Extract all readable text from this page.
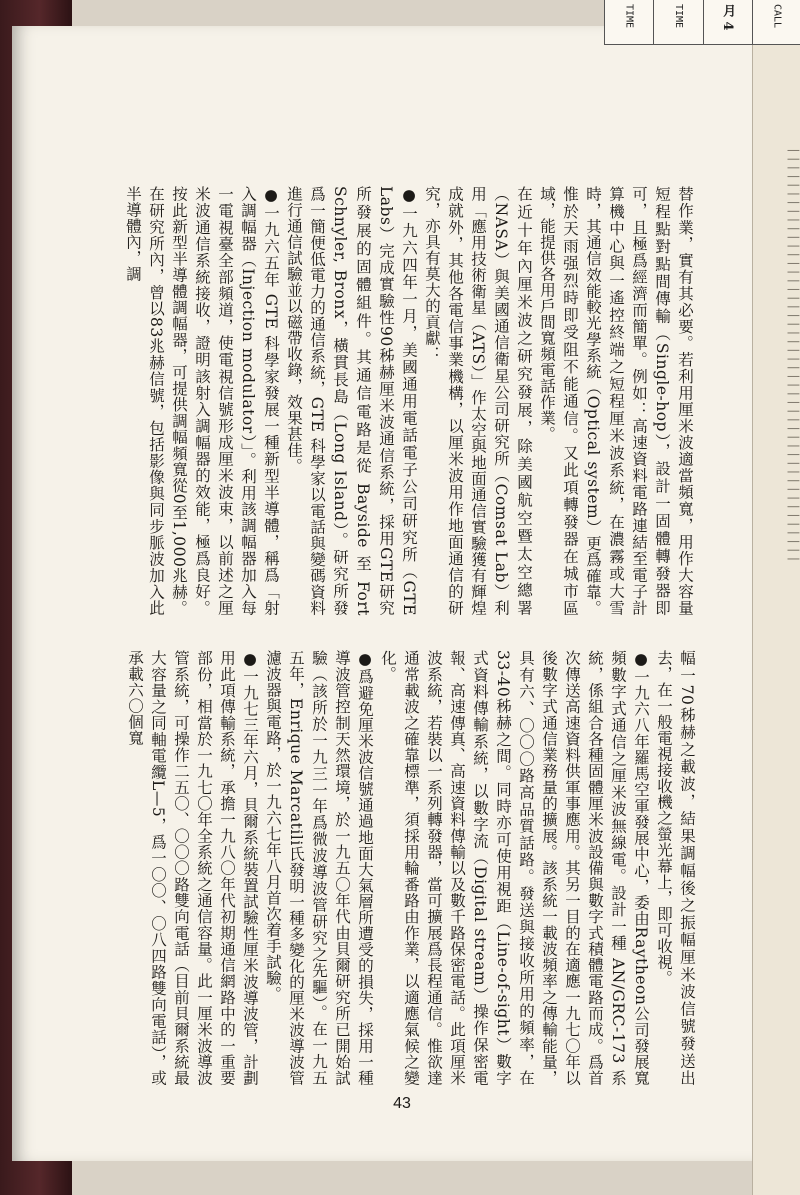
▏▏▏▏▏▏▏▏▏▏▏▏▏▏▏▏▏▏▏▏▏▏▏▏▏▏▏▏▏▏▏▏▏▏▏▏▏▏▏▏▏▏▏▏▏▏▏▏
TIME	TIME	月 4	CALL

替作業，實有其必要。若利用厘米波適當頻寬，用作大容量短程點對點間傳輸（Single-hop），設計一固體轉發器即可，且極爲經濟而簡單。例如：高速資料電路連結至電子計算機中心與一遙控終端之短程厘米波系統，在濃霧或大雪時，其通信效能較光學系統（Optical system）更爲確靠。惟於天雨强烈時即受阻不能通信。又此項轉發器在城市區域，能提供各用戶間寬頻電話作業。

在近十年內厘米波之研究發展，除美國航空暨太空總署（NASA）與美國通信衛星公司研究所（Comsat Lab）利用「應用技術衛星（ATS）」作太空與地面通信實驗獲有輝煌成就外，其他各電信事業機構，以厘米波用作地面通信的研究，亦具有莫大的貢獻：

●一九六四年一月，美國通用電話電子公司研究所（GTE Labs）完成實驗性90秭赫厘米波通信系統，採用GTE研究所發展的固體組件。其通信電路是從 Bayside 至 Fort Schnyler, Bronx，橫貫長島（Long Island）。研究所發爲一簡便低電力的通信系統，GTE 科學家以電話與變碼資料進行通信試驗並以磁帶收錄，效果甚佳。

●一九六五年 GTE 科學家發展一種新型半導體，稱爲「射入調幅器（Injection modulator）」。利用該調幅器加入每一電視臺全部頻道，使電視信號形成厘米波束，以前述之厘米波通信系統接收，證明該射入調幅器的效能，極爲良好。按此新型半導體調幅器，可提供調幅頻寬從0至1,000兆赫。在研究所內，曾以83兆赫信號，包括影像與同步脈波加入此半導體內，調

幅一70秭赫之載波，結果調幅後之振幅厘米波信號發送出去，在一般電視接收機之螢光幕上，即可收視。

●一九六八年羅馬空軍發展中心，委由Raytheon公司發展寬頻數字式通信之厘米波無線電。設計一種 AN/GRC-173 系統，係組合各種固體厘米波設備與數字式積體電路而成。爲首次傳送高速資料供軍事應用。其另一目的在適應一九七〇年以後數字式通信業務量的擴展。該系統一載波頻率之傳輸能量，具有六、〇〇〇路高品質話路。發送與接收所用的頻率，在33-40秭赫之間。同時亦可使用視距（Line-of-sight）數字式資料傳輸系統，以數字流（Digital stream）操作保密電報、高速傳真、高速資料傳輸以及數千路保密電話。此項厘米波系統，若裝以一系列轉發器，當可擴展爲長程通信。惟欲達通常載波之確靠標準，須採用輪番路由作業，以適應氣候之變化。

●爲避免厘米波信號通過地面大氣層所遭受的損失，採用一種導波管控制天然環境，於一九五〇年代由貝爾研究所已開始試驗（該所於一九三一年爲微波導波管研究之先驅）。在一九五五年，Enrique Marcatili氏發明一種多變化的厘米波導波管濾波器與電路，於一九六七年八月首次着手試驗。

●一九七三年六月，貝爾系統裝置試驗性厘米波導波管，計劃用此項傳輸系統，承擔一九八〇年代初期通信網路中的一重要部份，相當於一九七〇年全系統之通信容量。此一厘米波導波管系統，可操作二五〇、〇〇〇路雙向電話（目前貝爾系統最大容量之同軸電纜L—5，爲一〇〇、〇八四路雙向電話），或承載六〇個寬

43
